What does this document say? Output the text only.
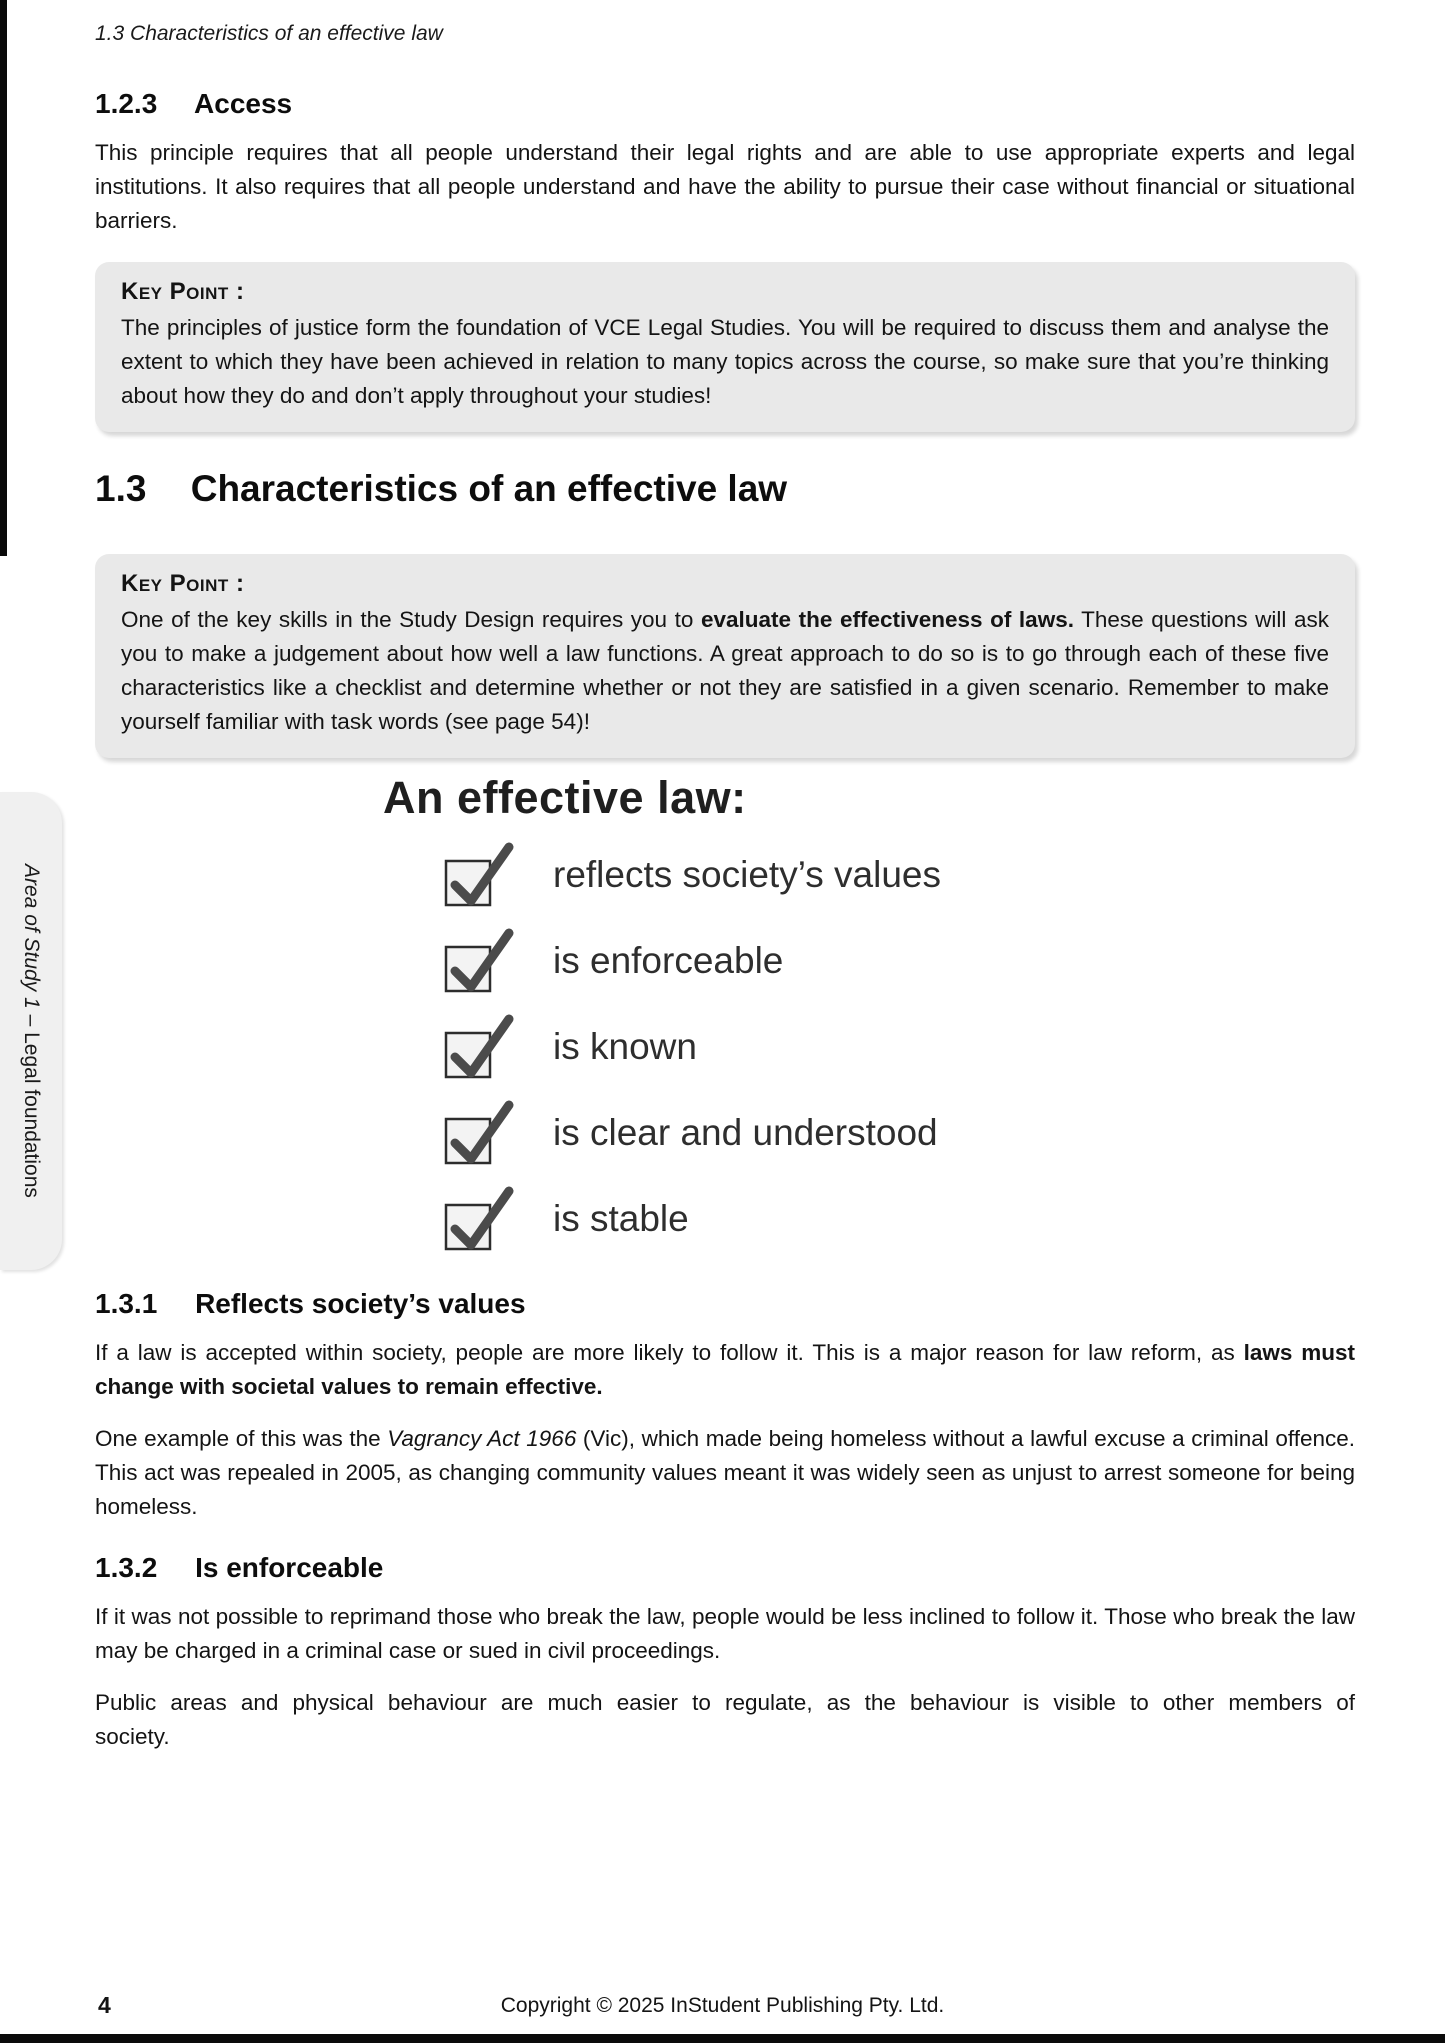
1.3 Characteristics of an effective law
1.2.3 Access

This principle requires that all people understand their legal rights and are able to use appropriate experts and legal institutions. It also requires that all people understand and have the ability to pursue their case without financial or situational barriers.

Key Point :
The principles of justice form the foundation of VCE Legal Studies. You will be required to discuss them and analyse the extent to which they have been achieved in relation to many topics across the course, so make sure that you’re thinking about how they do and don’t apply throughout your studies!
1.3 Characteristics of an effective law
Key Point :
One of the key skills in the Study Design requires you to evaluate the effectiveness of laws. These questions will ask you to make a judgement about how well a law functions. A great approach to do so is to go through each of these five characteristics like a checklist and determine whether or not they are satisfied in a given scenario. Remember to make yourself familiar with task words (see page 54)!
An effective law:
reflects society’s values
is enforceable
is known
is clear and understood
is stable
1.3.1 Reflects society’s values

If a law is accepted within society, people are more likely to follow it. This is a major reason for law reform, as laws must change with societal values to remain effective.

One example of this was the Vagrancy Act 1966 (Vic), which made being homeless without a lawful excuse a criminal offence. This act was repealed in 2005, as changing community values meant it was widely seen as unjust to arrest someone for being homeless.

1.3.2 Is enforceable

If it was not possible to reprimand those who break the law, people would be less inclined to follow it. Those who break the law may be charged in a criminal case or sued in civil proceedings.

Public areas and physical behaviour are much easier to regulate, as the behaviour is visible to other members of society.

Area of Study 1 – Legal foundations
4	Copyright © 2025 InStudent Publishing Pty. Ltd.
